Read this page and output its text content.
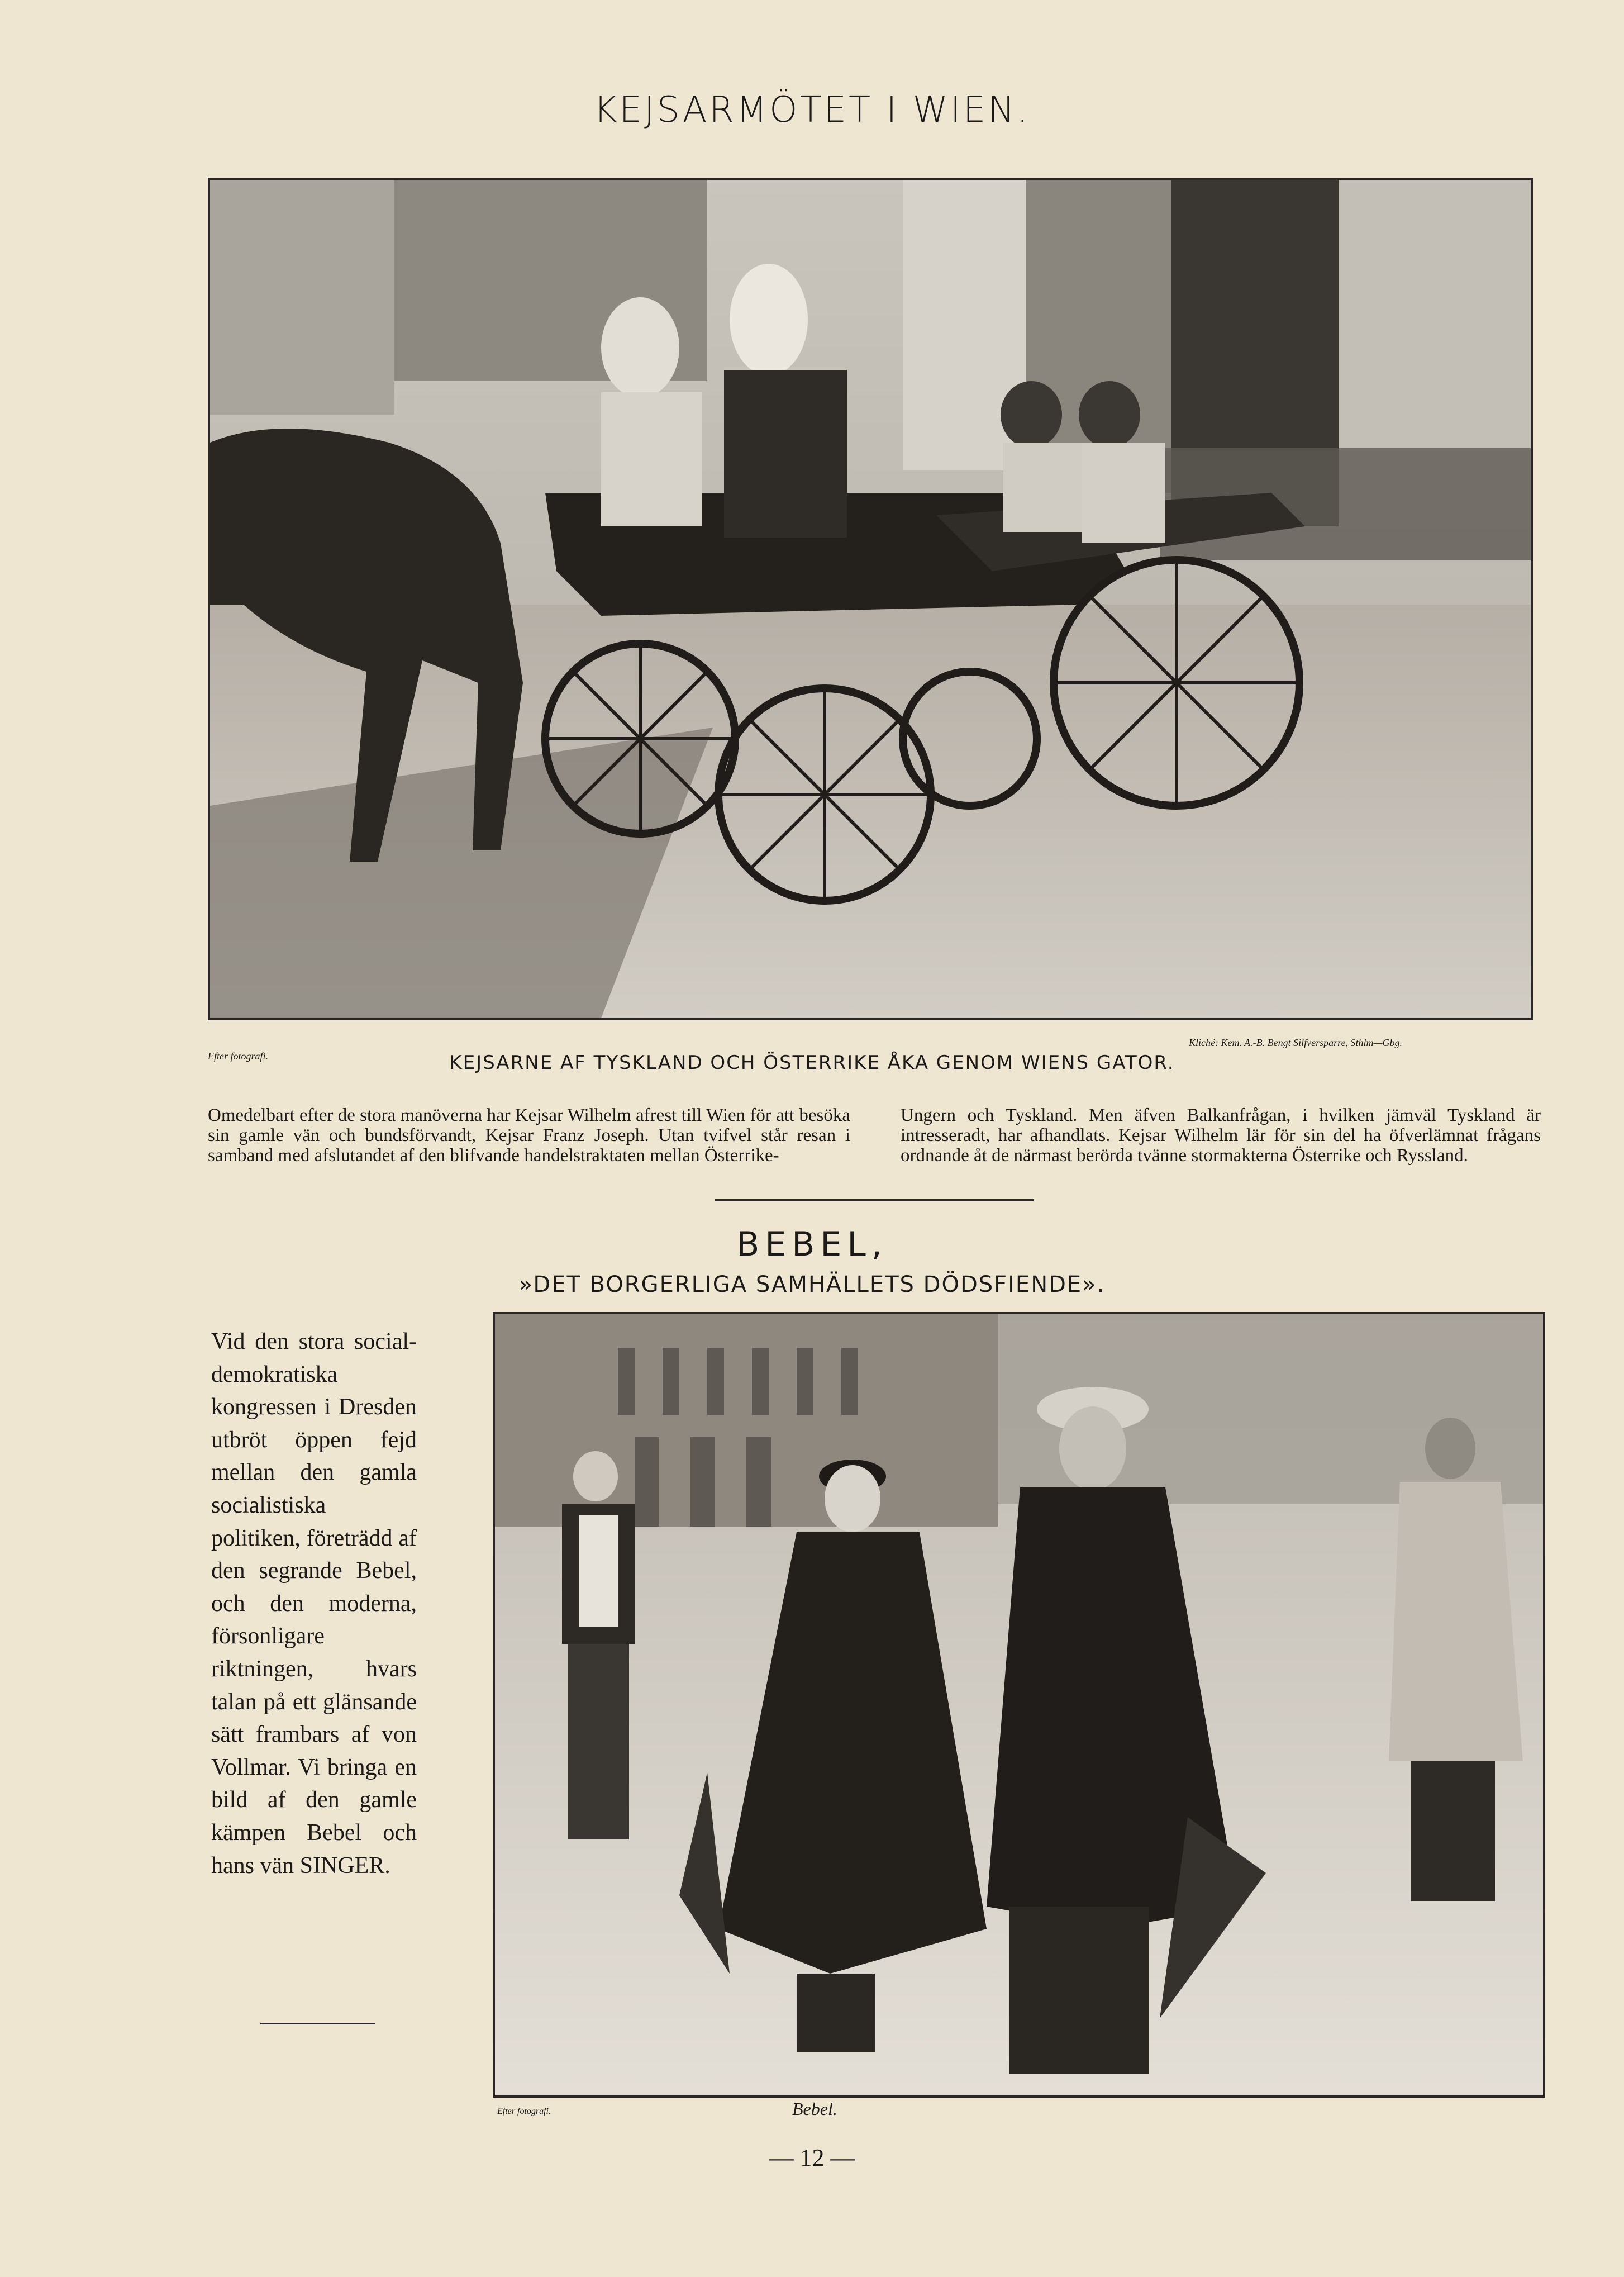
KEJSARMÖTET I WIEN.
Efter fotografi.
Kliché: Kem. A.-B. Bengt Silfversparre, Sthlm—Gbg.
KEJSARNE AF TYSKLAND OCH ÖSTERRIKE ÅKA GENOM WIENS GATOR.
Omedelbart efter de stora manöverna har Kejsar Wilhelm afrest till Wien för att besöka sin gamle vän och bundsförvandt, Kejsar Franz Joseph. Utan tvifvel står resan i samband med afslutandet af den blifvande handelstraktaten mellan Österrike-
Ungern och Tyskland. Men äfven Balkanfrågan, i hvilken jämväl Tyskland är intresseradt, har afhandlats. Kejsar Wilhelm lär för sin del ha öfverlämnat frågans ordnande åt de närmast berörda tvänne stormakterna Österrike och Ryssland.
BEBEL,
»DET BORGERLIGA SAMHÄLLETS DÖDSFIENDE».
Vid den stora social-demokratiska kongressen i Dresden utbröt öppen fejd mellan den gamla socialistiska politiken, företrädd af den segrande Bebel, och den moderna, försonligare riktningen, hvars talan på ett glänsande sätt frambars af von Vollmar. Vi bringa en bild af den gamle kämpen Bebel och hans vän SINGER.
Efter fotografi.	Bebel.
— 12 —
